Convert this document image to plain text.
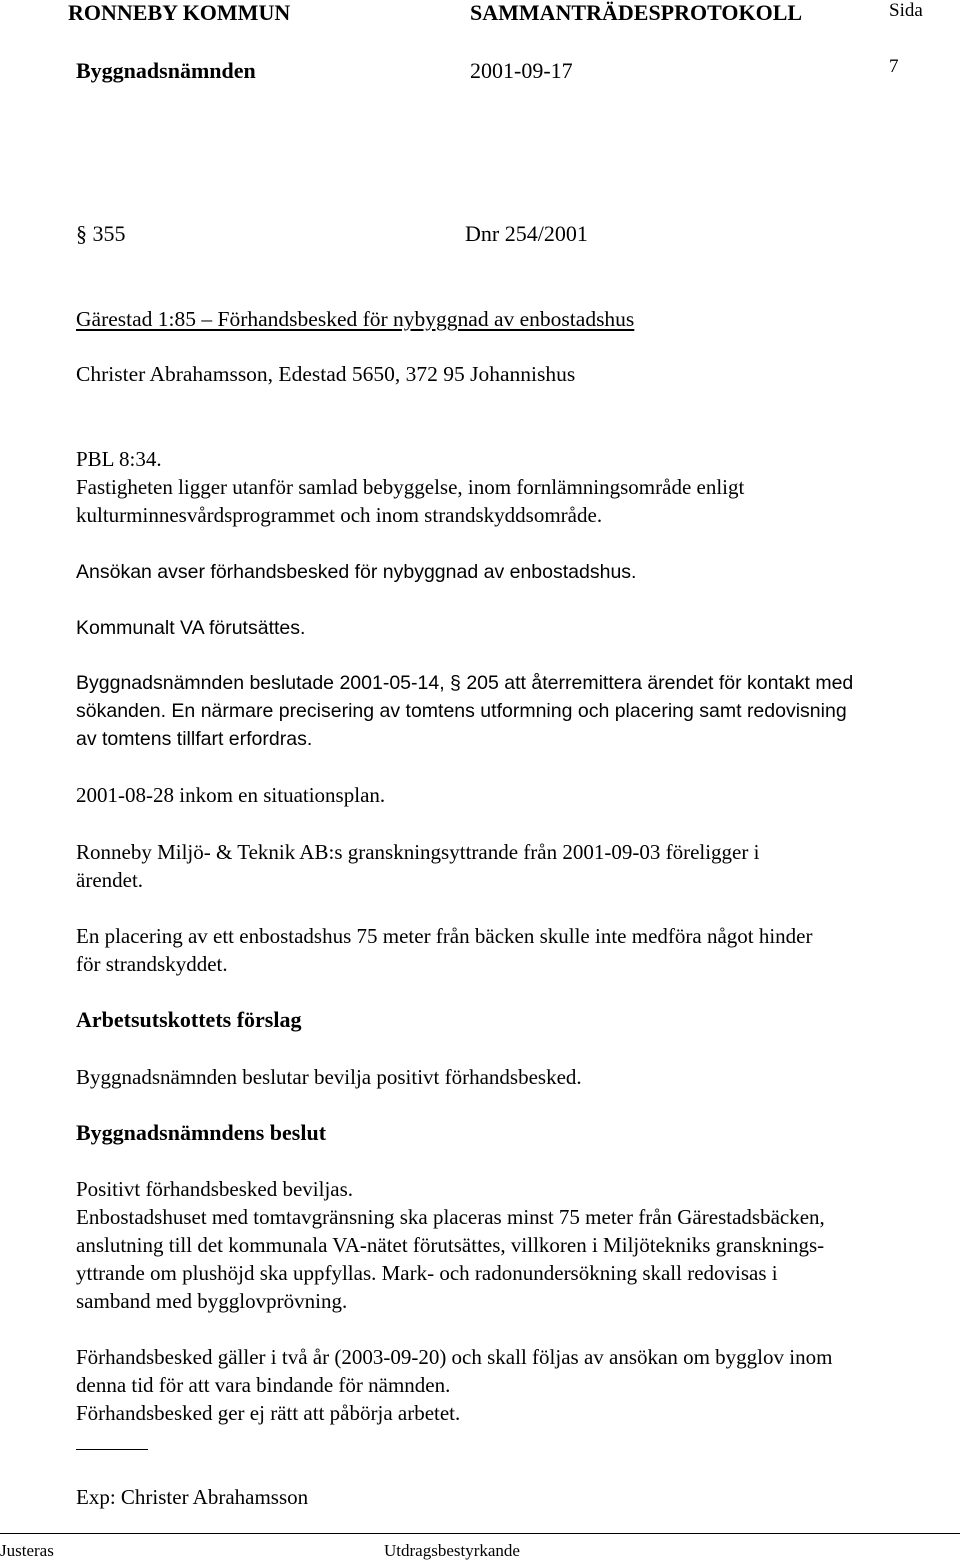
RONNEBY KOMMUN	SAMMANTRÄDESPROTOKOLL	Sida
Byggnadsnämnden	2001-09-17	7
§ 355	Dnr 254/2001
Gärestad 1:85 – Förhandsbesked för nybyggnad av enbostadshus
Christer Abrahamsson, Edestad 5650, 372 95 Johannishus
PBL 8:34.
Fastigheten ligger utanför samlad bebyggelse, inom fornlämningsområde enligt
kulturminnesvårdsprogrammet och inom strandskyddsområde.
Ansökan avser förhandsbesked för nybyggnad av enbostadshus.
Kommunalt VA förutsättes.
Byggnadsnämnden beslutade 2001-05-14, § 205 att återremittera ärendet för kontakt med
sökanden. En närmare precisering av tomtens utformning och placering samt redovisning
av tomtens tillfart erfordras.
2001-08-28 inkom en situationsplan.
Ronneby Miljö- & Teknik AB:s granskningsyttrande från 2001-09-03 föreligger i
ärendet.
En placering av ett enbostadshus 75 meter från bäcken skulle inte medföra något hinder
för strandskyddet.
Arbetsutskottets förslag
Byggnadsnämnden beslutar bevilja positivt förhandsbesked.
Byggnadsnämndens beslut
Positivt förhandsbesked beviljas.
Enbostadshuset med tomtavgränsning ska placeras minst 75 meter från Gärestadsbäcken,
anslutning till det kommunala VA-nätet förutsättes, villkoren i Miljötekniks gransknings-
yttrande om plushöjd ska uppfyllas. Mark- och radonundersökning skall redovisas i
samband med bygglovprövning.
Förhandsbesked gäller i två år (2003-09-20) och skall följas av ansökan om bygglov inom
denna tid för att vara bindande för nämnden.
Förhandsbesked ger ej rätt att påbörja arbetet.
Exp: Christer Abrahamsson
Justeras	Utdragsbestyrkande
